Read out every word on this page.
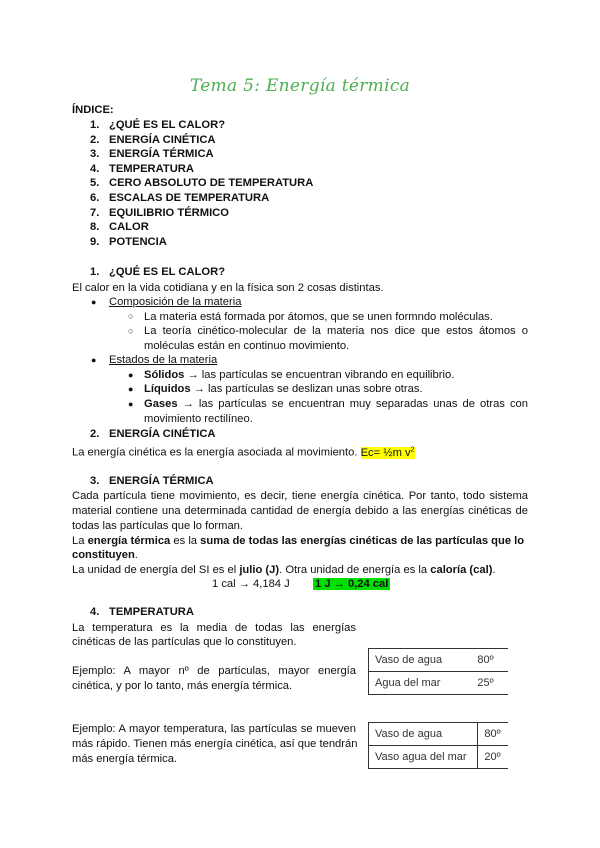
Tema 5: Energía térmica
ÍNDICE:
1. ¿QUÉ ES EL CALOR?
2. ENERGÍA CINÉTICA
3. ENERGÍA TÉRMICA
4. TEMPERATURA
5. CERO ABSOLUTO DE TEMPERATURA
6. ESCALAS DE TEMPERATURA
7. EQUILIBRIO TÉRMICO
8. CALOR
9. POTENCIA
1. ¿QUÉ ES EL CALOR?
El calor en la vida cotidiana y en la física son 2 cosas distintas.
● Composición de la materia
○ La materia está formada por átomos, que se unen formndo moléculas.
○ La teoría cinético-molecular de la materia nos dice que estos átomos o
moléculas están en continuo movimiento.
● Estados de la materia
● Sólidos → las partículas se encuentran vibrando en equilibrio.
● Líquidos → las partículas se deslizan unas sobre otras.
● Gases → las partículas se encuentran muy separadas unas de otras con
movimiento rectilíneo.
2. ENERGÍA CINÉTICA
La energía cinética es la energía asociada al movimiento. Ec= ½m $v^2$
3. ENERGÍA TÉRMICA
Cada partícula tiene movimiento, es decir, tiene energía cinética. Por tanto, todo sistema
material contiene una determinada cantidad de energía debido a las energías cinéticas de
todas las partículas que lo forman.
La energía térmica es la suma de todas las energías cinéticas de las partículas que lo
constituyen.
La unidad de energía del SI es el julio (J). Otra unidad de energía es la caloría (cal).
1 cal → 4,184 J 1 J → 0,24 cal
4. TEMPERATURA
La temperatura es la media de todas las energías
cinéticas de las partículas que lo constituyen.
Ejemplo: A mayor nº de partículas, mayor energía
cinética, y por lo tanto, más energía térmica.
Ejemplo: A mayor temperatura, las partículas se mueven
más rápido. Tienen más energía cinética, así que tendrán
más energía térmica.
Vaso de agua	80º
Agua del mar	25º
Vaso de agua	80º
Vaso agua del mar	20º
